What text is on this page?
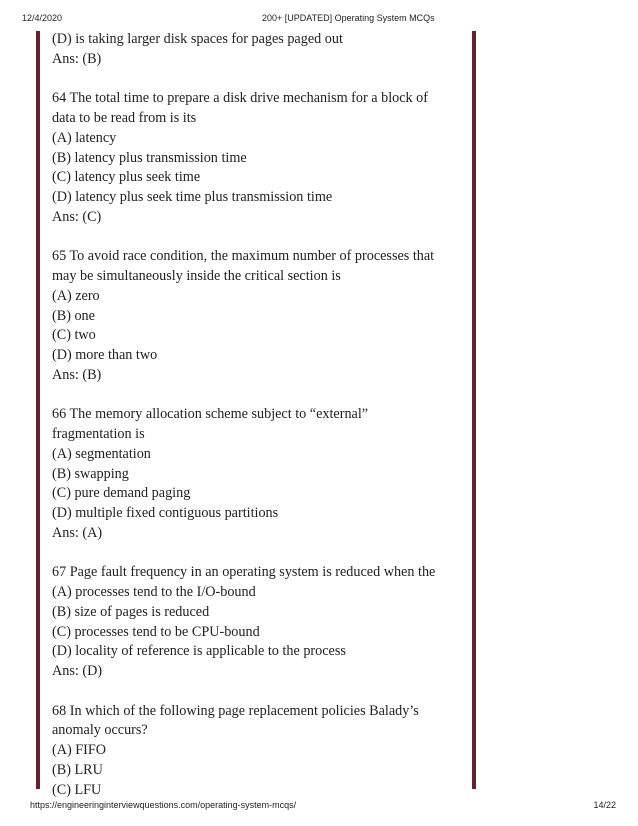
12/4/2020	200+ [UPDATED] Operating System MCQs
(D) is taking larger disk spaces for pages paged out
Ans: (B)
64 The total time to prepare a disk drive mechanism for a block of
data to be read from is its
(A) latency
(B) latency plus transmission time
(C) latency plus seek time
(D) latency plus seek time plus transmission time
Ans: (C)
65 To avoid race condition, the maximum number of processes that
may be simultaneously inside the critical section is
(A) zero
(B) one
(C) two
(D) more than two
Ans: (B)
66 The memory allocation scheme subject to “external”
fragmentation is
(A) segmentation
(B) swapping
(C) pure demand paging
(D) multiple fixed contiguous partitions
Ans: (A)
67 Page fault frequency in an operating system is reduced when the
(A) processes tend to the I/O-bound
(B) size of pages is reduced
(C) processes tend to be CPU-bound
(D) locality of reference is applicable to the process
Ans: (D)
68 In which of the following page replacement policies Balady’s
anomaly occurs?
(A) FIFO
(B) LRU
(C) LFU
https://engineeringinterviewquestions.com/operating-system-mcqs/	14/22
